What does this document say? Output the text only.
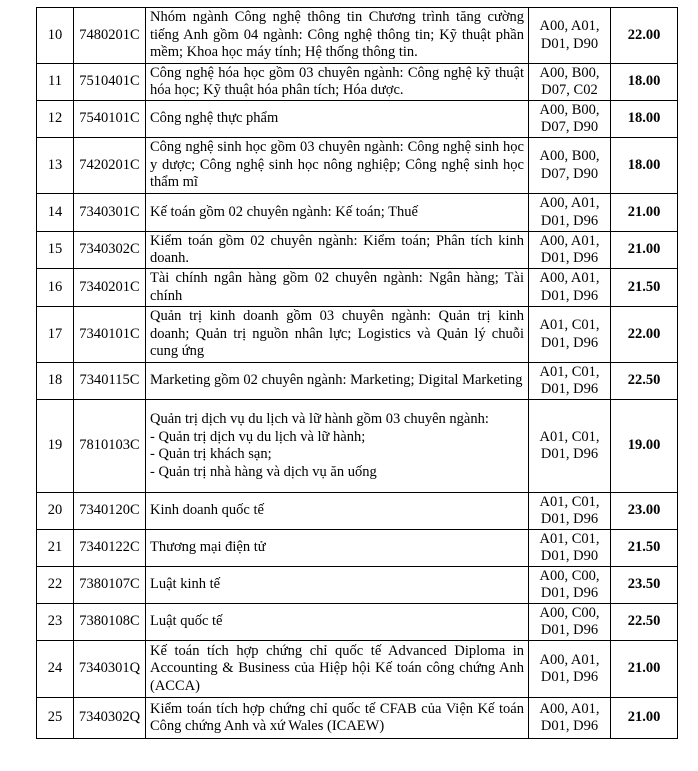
10	7480201C	Nhóm ngành Công nghệ thông tin Chương trình tăng cường tiếng Anh gồm 04 ngành: Công nghệ thông tin; Kỹ thuật phần mềm; Khoa học máy tính; Hệ thống thông tin.	A00, A01, D01, D90	22.00
11	7510401C	Công nghệ hóa học gồm 03 chuyên ngành: Công nghệ kỹ thuật hóa học; Kỹ thuật hóa phân tích; Hóa dược.	A00, B00, D07, C02	18.00
12	7540101C	Công nghệ thực phẩm	A00, B00, D07, D90	18.00
13	7420201C	Công nghệ sinh học gồm 03 chuyên ngành: Công nghệ sinh học y dược; Công nghệ sinh học nông nghiệp; Công nghệ sinh học thẩm mĩ	A00, B00, D07, D90	18.00
14	7340301C	Kế toán gồm 02 chuyên ngành: Kế toán; Thuế	A00, A01, D01, D96	21.00
15	7340302C	Kiểm toán gồm 02 chuyên ngành: Kiểm toán; Phân tích kinh doanh.	A00, A01, D01, D96	21.00
16	7340201C	Tài chính ngân hàng gồm 02 chuyên ngành: Ngân hàng; Tài chính	A00, A01, D01, D96	21.50
17	7340101C	Quản trị kinh doanh gồm 03 chuyên ngành: Quản trị kinh doanh; Quản trị nguồn nhân lực; Logistics và Quản lý chuỗi cung ứng	A01, C01, D01, D96	22.00
18	7340115C	Marketing gồm 02 chuyên ngành: Marketing; Digital Marketing	A01, C01, D01, D96	22.50
19	7810103C	Quản trị dịch vụ du lịch và lữ hành gồm 03 chuyên ngành:
- Quản trị dịch vụ du lịch và lữ hành;
- Quản trị khách sạn;
- Quản trị nhà hàng và dịch vụ ăn uống	A01, C01, D01, D96	19.00
20	7340120C	Kinh doanh quốc tế	A01, C01, D01, D96	23.00
21	7340122C	Thương mại điện tử	A01, C01, D01, D90	21.50
22	7380107C	Luật kinh tế	A00, C00, D01, D96	23.50
23	7380108C	Luật quốc tế	A00, C00, D01, D96	22.50
24	7340301Q	Kế toán tích hợp chứng chỉ quốc tế Advanced Diploma in Accounting & Business của Hiệp hội Kế toán công chứng Anh (ACCA)	A00, A01, D01, D96	21.00
25	7340302Q	Kiểm toán tích hợp chứng chỉ quốc tế CFAB của Viện Kế toán Công chứng Anh và xứ Wales (ICAEW)	A00, A01, D01, D96	21.00
